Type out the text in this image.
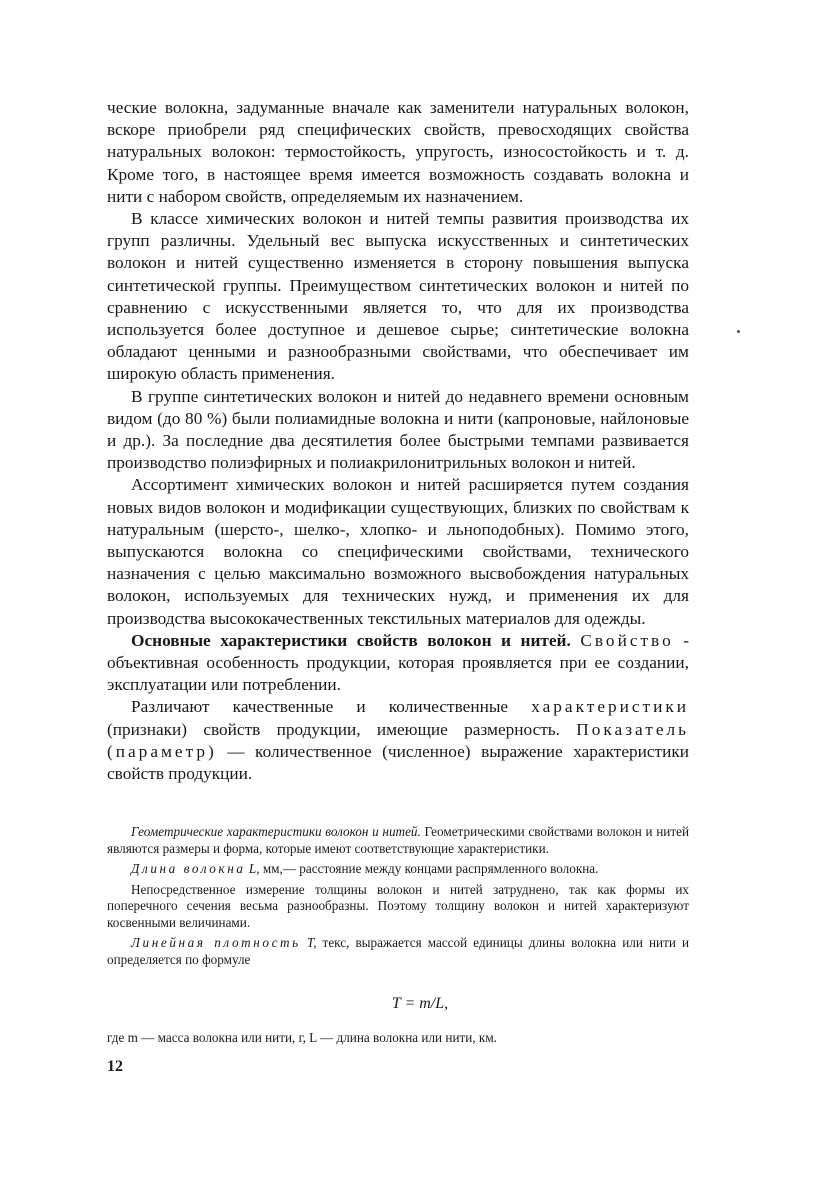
ческие волокна, задуманные вначале как заменители натуральных волокон, вскоре приобрели ряд специфических свойств, превосходящих свойства натуральных волокон: термостойкость, упругость, износостойкость и т. д. Кроме того, в настоящее время имеется возможность создавать волокна и нити с набором свойств, определяемым их назначением.

В классе химических волокон и нитей темпы развития производства их групп различны. Удельный вес выпуска искусственных и синтетических волокон и нитей существенно изменяется в сторону повышения выпуска синтетической группы. Преимуществом синтетических волокон и нитей по сравнению с искусственными является то, что для их производства используется более доступное и дешевое сырье; синтетические волокна обладают ценными и разнообразными свойствами, что обеспечивает им широкую область применения.

В группе синтетических волокон и нитей до недавнего времени основным видом (до 80 %) были полиамидные волокна и нити (капроновые, найлоновые и др.). За последние два десятилетия более быстрыми темпами развивается производство полиэфирных и полиакрилонитрильных волокон и нитей.

Ассортимент химических волокон и нитей расширяется путем создания новых видов волокон и модификации существующих, близких по свойствам к натуральным (шерсто-, шелко-, хлопко- и льноподобных). Помимо этого, выпускаются волокна со специфическими свойствами, технического назначения с целью максимально возможного высвобождения натуральных волокон, используемых для технических нужд, и применения их для производства высококачественных текстильных материалов для одежды.

Основные характеристики свойств волокон и нитей. Свойство - объективная особенность продукции, которая проявляется при ее создании, эксплуатации или потреблении.

Различают качественные и количественные характеристики (признаки) свойств продукции, имеющие размерность. Показатель (параметр) — количественное (численное) выражение характеристики свойств продукции.

Геометрические характеристики волокон и нитей. Геометрическими свойствами волокон и нитей являются размеры и форма, которые имеют соответствующие характеристики.

Длина волокна L, мм,— расстояние между концами распрямленного волокна.

Непосредственное измерение толщины волокон и нитей затруднено, так как формы их поперечного сечения весьма разнообразны. Поэтому толщину волокон и нитей характеризуют косвенными величинами.

Линейная плотность T, текс, выражается массой единицы длины волокна или нити и определяется по формуле

T = m/L,
где m — масса волокна или нити, г, L — длина волокна или нити, км.
12
